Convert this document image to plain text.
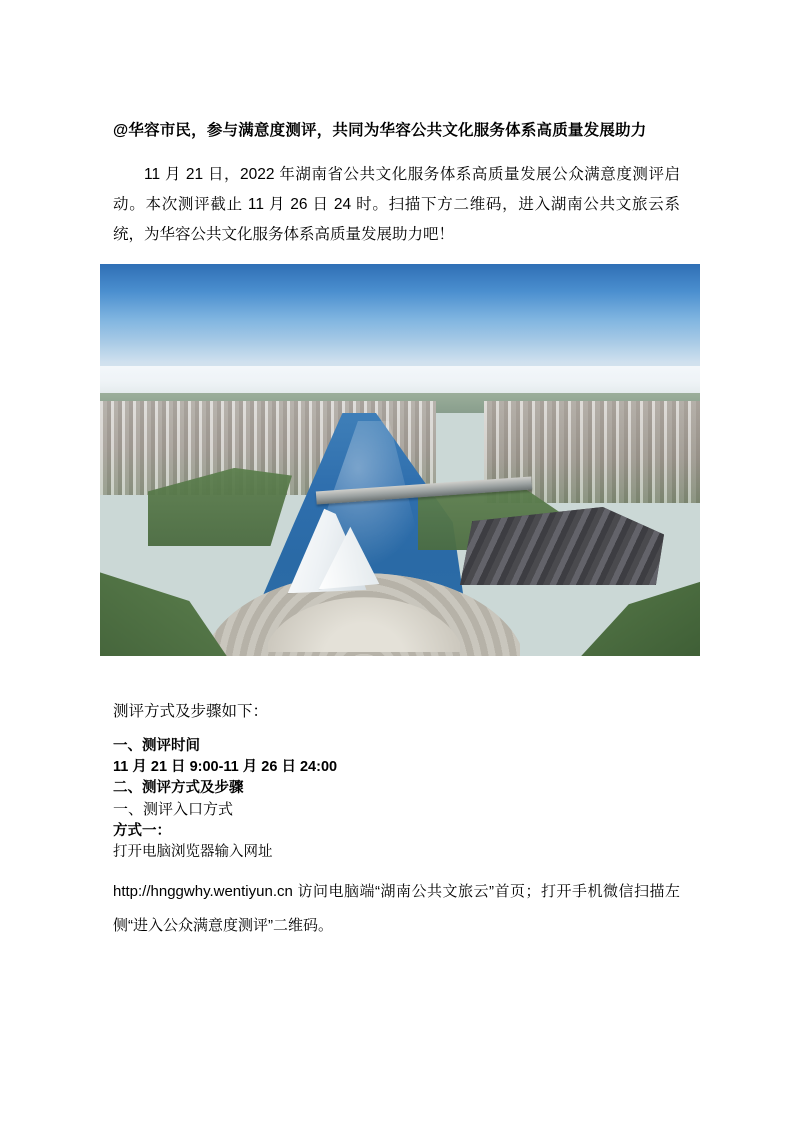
@华容市民，参与满意度测评，共同为华容公共文化服务体系高质量发展助力

11 月 21 日，2022 年湖南省公共文化服务体系高质量发展公众满意度测评启动。本次测评截止 11 月 26 日 24 时。扫描下方二维码，进入湖南公共文旅云系统，为华容公共文化服务体系高质量发展助力吧！

测评方式及步骤如下：

一、测评时间

11 月 21 日 9:00-11 月 26 日 24:00

二、测评方式及步骤

一、测评入口方式

方式一：

打开电脑浏览器输入网址

http://hnggwhy.wentiyun.cn 访问电脑端“湖南公共文旅云”首页；打开手机微信扫描左侧“进入公众满意度测评”二维码。
